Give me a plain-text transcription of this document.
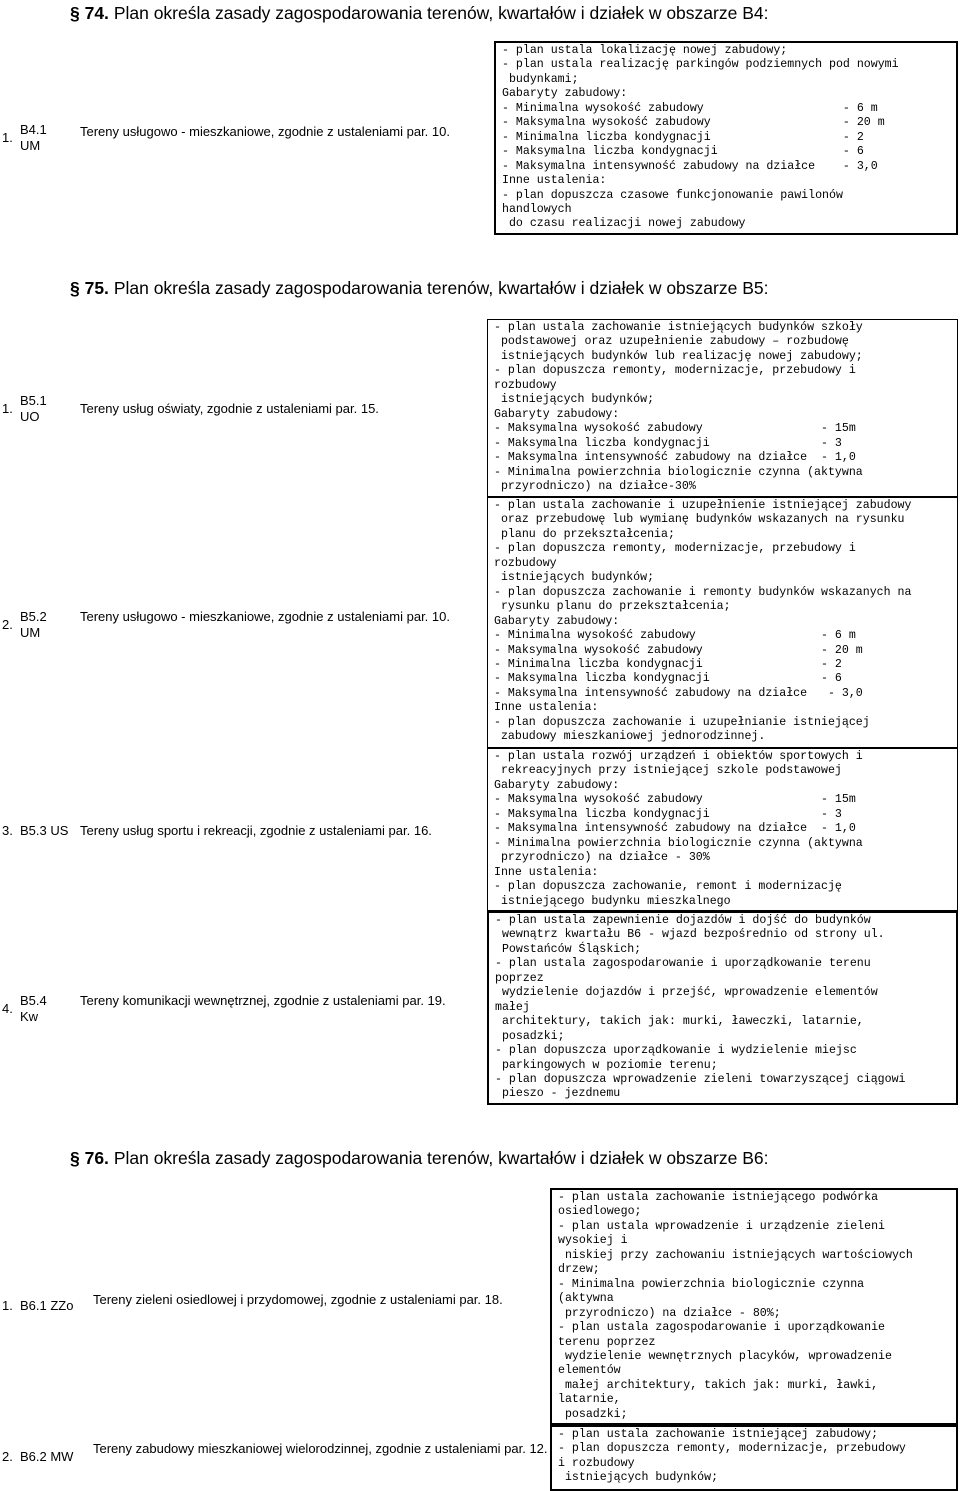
§ 74. Plan określa zasady zagospodarowania terenów, kwartałów i działek w obszarze B4:
1.
B4.1
UM
Tereny usługowo - mieszkaniowe, zgodnie z ustaleniami par. 10.
- plan ustala lokalizację nowej zabudowy;
- plan ustala realizację parkingów podziemnych pod nowymi
budynkami;
Gabaryty zabudowy:
- Minimalna wysokość zabudowy                    - 6 m
- Maksymalna wysokość zabudowy                   - 20 m
- Minimalna liczba kondygnacji                   - 2
- Maksymalna liczba kondygnacji                  - 6
- Maksymalna intensywność zabudowy na działce    - 3,0
Inne ustalenia:
- plan dopuszcza czasowe funkcjonowanie pawilonów
handlowych
do czasu realizacji nowej zabudowy
§ 75. Plan określa zasady zagospodarowania terenów, kwartałów i działek w obszarze B5:
1.
B5.1
UO
Tereny usług oświaty, zgodnie z ustaleniami par. 15.
- plan ustala zachowanie istniejących budynków szkoły
podstawowej oraz uzupełnienie zabudowy – rozbudowę
istniejących budynków lub realizację nowej zabudowy;
- plan dopuszcza remonty, modernizacje, przebudowy i
rozbudowy
istniejących budynków;
Gabaryty zabudowy:
- Maksymalna wysokość zabudowy                 - 15m
- Maksymalna liczba kondygnacji                - 3
- Maksymalna intensywność zabudowy na działce  - 1,0
- Minimalna powierzchnia biologicznie czynna (aktywna
przyrodniczo) na działce-30%
2.
B5.2
UM
Tereny usługowo - mieszkaniowe, zgodnie z ustaleniami par. 10.
- plan ustala zachowanie i uzupełnienie istniejącej zabudowy
oraz przebudowę lub wymianę budynków wskazanych na rysunku
planu do przekształcenia;
- plan dopuszcza remonty, modernizacje, przebudowy i
rozbudowy
istniejących budynków;
- plan dopuszcza zachowanie i remonty budynków wskazanych na
rysunku planu do przekształcenia;
Gabaryty zabudowy:
- Minimalna wysokość zabudowy                  - 6 m
- Maksymalna wysokość zabudowy                 - 20 m
- Minimalna liczba kondygnacji                 - 2
- Maksymalna liczba kondygnacji                - 6
- Maksymalna intensywność zabudowy na działce   - 3,0
Inne ustalenia:
- plan dopuszcza zachowanie i uzupełnianie istniejącej
zabudowy mieszkaniowej jednorodzinnej.
3. B5.3 US Tereny usług sportu i rekreacji, zgodnie z ustaleniami par. 16.
- plan ustala rozwój urządzeń i obiektów sportowych i
rekreacyjnych przy istniejącej szkole podstawowej
Gabaryty zabudowy:
- Maksymalna wysokość zabudowy                 - 15m
- Maksymalna liczba kondygnacji                - 3
- Maksymalna intensywność zabudowy na działce  - 1,0
- Minimalna powierzchnia biologicznie czynna (aktywna
przyrodniczo) na działce - 30%
Inne ustalenia:
- plan dopuszcza zachowanie, remont i modernizację
istniejącego budynku mieszkalnego
4.
B5.4
Kw
Tereny komunikacji wewnętrznej, zgodnie z ustaleniami par. 19.
- plan ustala zapewnienie dojazdów i dojść do budynków
wewnątrz kwartału B6 - wjazd bezpośrednio od strony ul.
Powstańców Śląskich;
- plan ustala zagospodarowanie i uporządkowanie terenu
poprzez
wydzielenie dojazdów i przejść, wprowadzenie elementów
małej
architektury, takich jak: murki, ławeczki, latarnie,
posadzki;
- plan dopuszcza uporządkowanie i wydzielenie miejsc
parkingowych w poziomie terenu;
- plan dopuszcza wprowadzenie zieleni towarzyszącej ciągowi
pieszo - jezdnemu
§ 76. Plan określa zasady zagospodarowania terenów, kwartałów i działek w obszarze B6:
1. B6.1 ZZo Tereny zieleni osiedlowej i przydomowej, zgodnie z ustaleniami par. 18.
- plan ustala zachowanie istniejącego podwórka
osiedlowego;
- plan ustala wprowadzenie i urządzenie zieleni
wysokiej i
niskiej przy zachowaniu istniejących wartościowych
drzew;
- Minimalna powierzchnia biologicznie czynna
(aktywna
przyrodniczo) na działce - 80%;
- plan ustala zagospodarowanie i uporządkowanie
terenu poprzez
wydzielenie wewnętrznych placyków, wprowadzenie
elementów
małej architektury, takich jak: murki, ławki,
latarnie,
posadzki;
2. B6.2 MW
Tereny zabudowy mieszkaniowej wielorodzinnej, zgodnie z ustaleniami par. 12.
- plan ustala zachowanie istniejącej zabudowy;
- plan dopuszcza remonty, modernizacje, przebudowy
i rozbudowy
istniejących budynków;
